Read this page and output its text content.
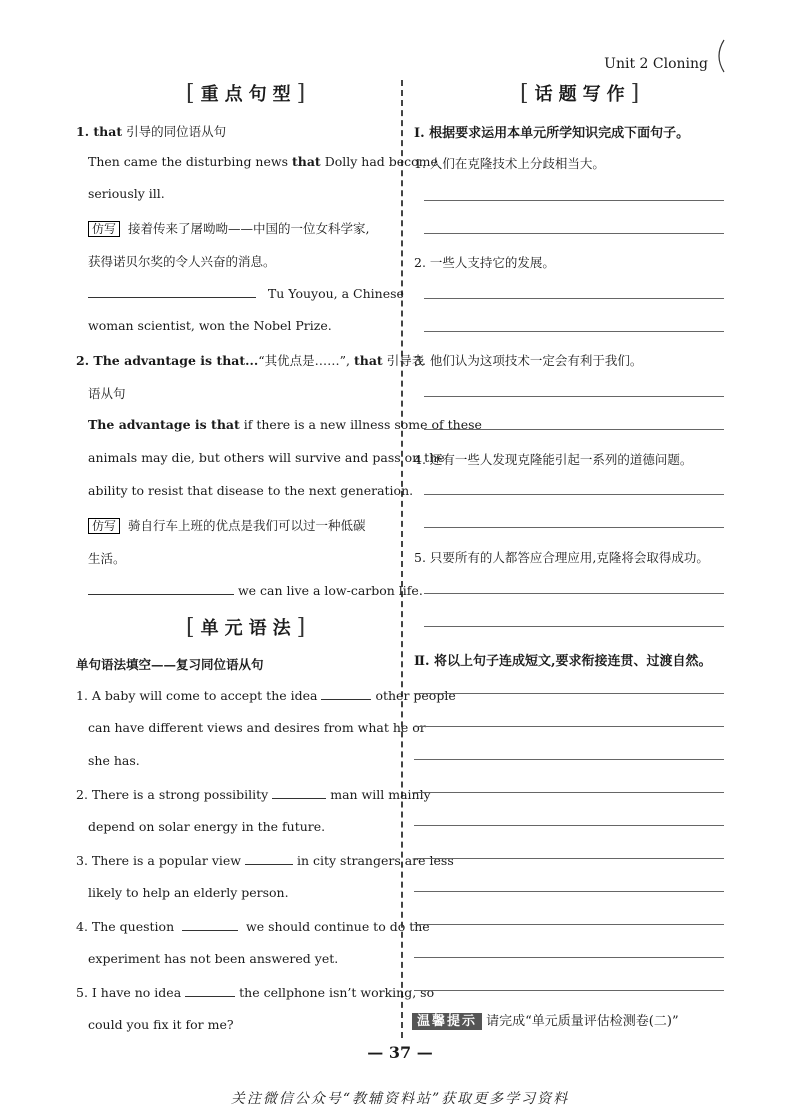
Unit 2 Cloning
[重点句型]
1. that 引导的同位语从句
Then came the disturbing news that Dolly had become
seriously ill.
仿写 接着传来了屠呦呦——中国的一位女科学家,
获得诺贝尔奖的令人兴奋的消息。
Tu Youyou, a Chinese
woman scientist, won the Nobel Prize.
2. The advantage is that...“其优点是……”, that 引导表
语从句
The advantage is that if there is a new illness some of these
animals may die, but others will survive and pass on the
ability to resist that disease to the next generation.
仿写 骑自行车上班的优点是我们可以过一种低碳
生活。
we can live a low-carbon life.
[单元语法]
单句语法填空——复习同位语从句
1. A baby will come to accept the idea	other people
can have different views and desires from what he or
she has.
2. There is a strong possibility	man will mainly
depend on solar energy in the future.
3. There is a popular view	in city strangers are less
likely to help an elderly person.
4. The question	we should continue to do the
experiment has not been answered yet.
5. I have no idea	the cellphone isn’t working, so
could you fix it for me?
[话题写作]
Ⅰ. 根据要求运用本单元所学知识完成下面句子。
1. 人们在克隆技术上分歧相当大。
2. 一些人支持它的发展。
3. 他们认为这项技术一定会有利于我们。
4. 还有一些人发现克隆能引起一系列的道德问题。
5. 只要所有的人都答应合理应用,克隆将会取得成功。
Ⅱ. 将以上句子连成短文,要求衔接连贯、过渡自然。
温馨提示 请完成“单元质量评估检测卷(二)”
— 37 —
关注微信公众号“教辅资料站”获取更多学习资料
